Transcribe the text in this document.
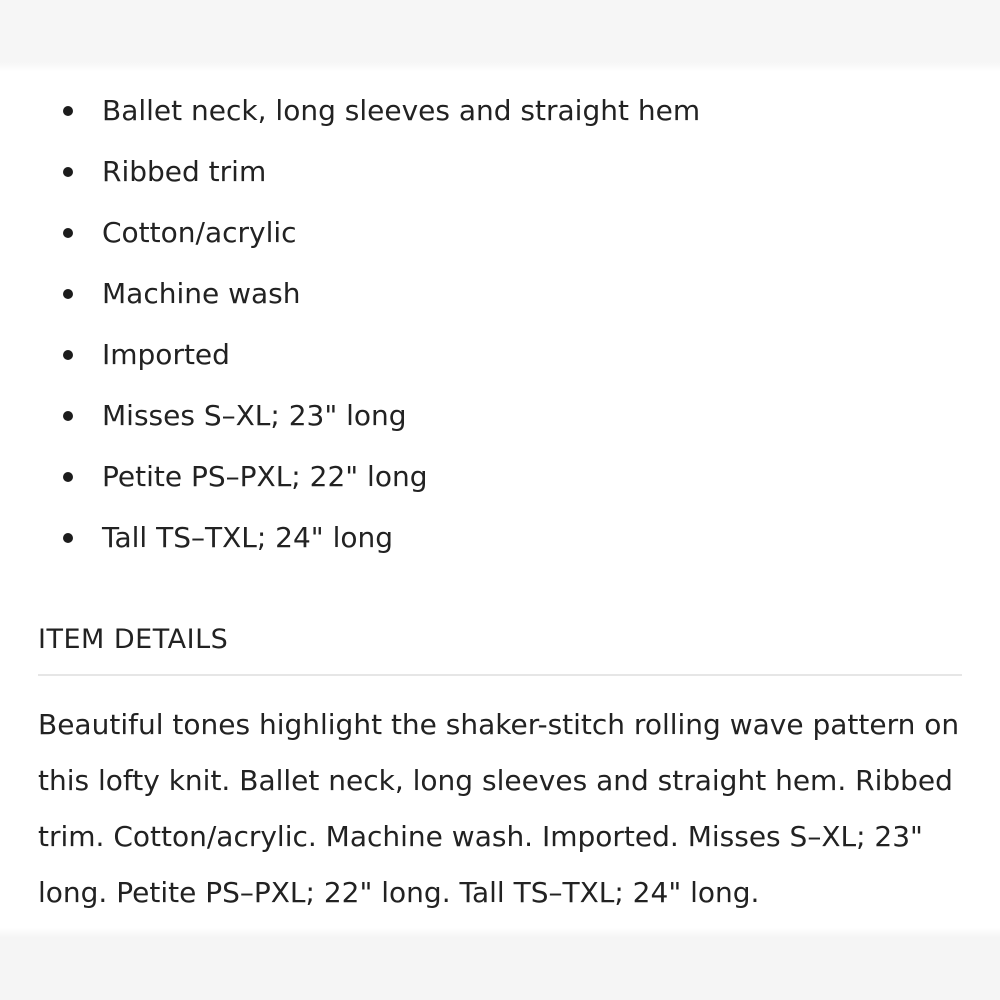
Ballet neck, long sleeves and straight hem
Ribbed trim
Cotton/acrylic
Machine wash
Imported
Misses S–XL; 23" long
Petite PS–PXL; 22" long
Tall TS–TXL; 24" long
ITEM DETAILS

Beautiful tones highlight the shaker-stitch rolling wave pattern on this lofty knit. Ballet neck, long sleeves and straight hem. Ribbed trim. Cotton/acrylic. Machine wash. Imported. Misses S–XL; 23" long. Petite PS–PXL; 22" long. Tall TS–TXL; 24" long.
